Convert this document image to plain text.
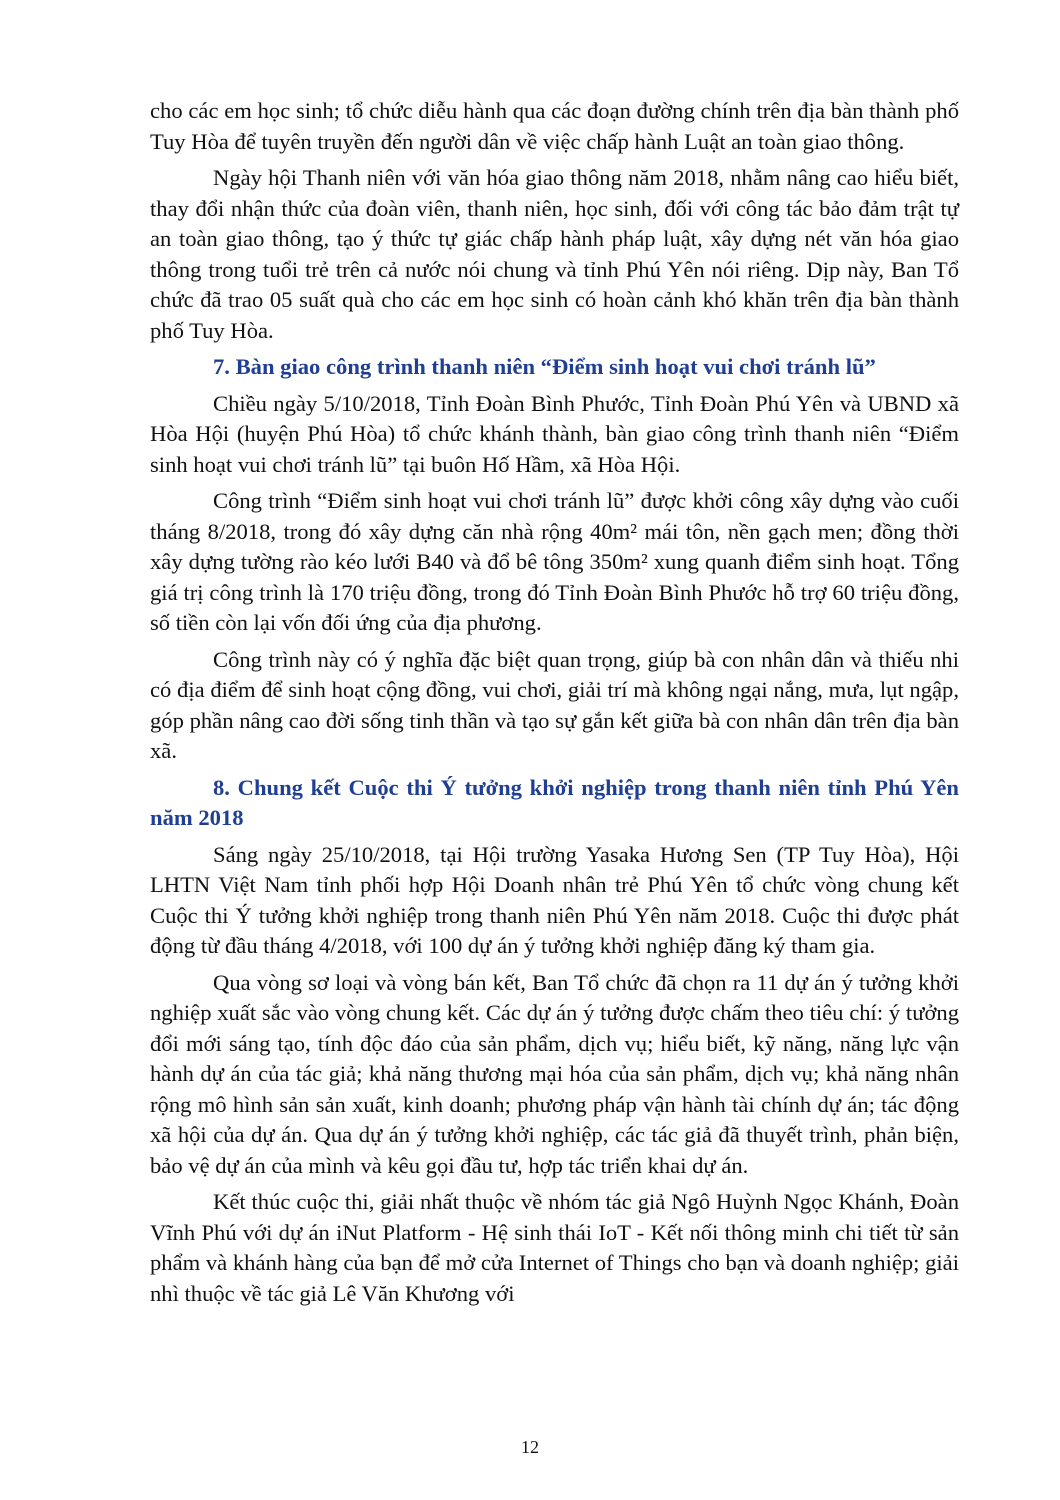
cho các em học sinh; tổ chức diễu hành qua các đoạn đường chính trên địa bàn thành phố Tuy Hòa để tuyên truyền đến người dân về việc chấp hành Luật an toàn giao thông.

Ngày hội Thanh niên với văn hóa giao thông năm 2018, nhằm nâng cao hiểu biết, thay đổi nhận thức của đoàn viên, thanh niên, học sinh, đối với công tác bảo đảm trật tự an toàn giao thông, tạo ý thức tự giác chấp hành pháp luật, xây dựng nét văn hóa giao thông trong tuổi trẻ trên cả nước nói chung và tỉnh Phú Yên nói riêng. Dịp này, Ban Tổ chức đã trao 05 suất quà cho các em học sinh có hoàn cảnh khó khăn trên địa bàn thành phố Tuy Hòa.

7. Bàn giao công trình thanh niên “Điểm sinh hoạt vui chơi tránh lũ”

Chiều ngày 5/10/2018, Tỉnh Đoàn Bình Phước, Tỉnh Đoàn Phú Yên và UBND xã Hòa Hội (huyện Phú Hòa) tổ chức khánh thành, bàn giao công trình thanh niên “Điểm sinh hoạt vui chơi tránh lũ” tại buôn Hố Hầm, xã Hòa Hội.

Công trình “Điểm sinh hoạt vui chơi tránh lũ” được khởi công xây dựng vào cuối tháng 8/2018, trong đó xây dựng căn nhà rộng 40m² mái tôn, nền gạch men; đồng thời xây dựng tường rào kéo lưới B40 và đổ bê tông 350m² xung quanh điểm sinh hoạt. Tổng giá trị công trình là 170 triệu đồng, trong đó Tỉnh Đoàn Bình Phước hỗ trợ 60 triệu đồng, số tiền còn lại vốn đối ứng của địa phương.

Công trình này có ý nghĩa đặc biệt quan trọng, giúp bà con nhân dân và thiếu nhi có địa điểm để sinh hoạt cộng đồng, vui chơi, giải trí mà không ngại nắng, mưa, lụt ngập, góp phần nâng cao đời sống tinh thần và tạo sự gắn kết giữa bà con nhân dân trên địa bàn xã.

8. Chung kết Cuộc thi Ý tưởng khởi nghiệp trong thanh niên tỉnh Phú Yên năm 2018

Sáng ngày 25/10/2018, tại Hội trường Yasaka Hương Sen (TP Tuy Hòa), Hội LHTN Việt Nam tỉnh phối hợp Hội Doanh nhân trẻ Phú Yên tổ chức vòng chung kết Cuộc thi Ý tưởng khởi nghiệp trong thanh niên Phú Yên năm 2018. Cuộc thi được phát động từ đầu tháng 4/2018, với 100 dự án ý tưởng khởi nghiệp đăng ký tham gia.

Qua vòng sơ loại và vòng bán kết, Ban Tổ chức đã chọn ra 11 dự án ý tưởng khởi nghiệp xuất sắc vào vòng chung kết. Các dự án ý tưởng được chấm theo tiêu chí: ý tưởng đổi mới sáng tạo, tính độc đáo của sản phẩm, dịch vụ; hiểu biết, kỹ năng, năng lực vận hành dự án của tác giả; khả năng thương mại hóa của sản phẩm, dịch vụ; khả năng nhân rộng mô hình sản sản xuất, kinh doanh; phương pháp vận hành tài chính dự án; tác động xã hội của dự án. Qua dự án ý tưởng khởi nghiệp, các tác giả đã thuyết trình, phản biện, bảo vệ dự án của mình và kêu gọi đầu tư, hợp tác triển khai dự án.

Kết thúc cuộc thi, giải nhất thuộc về nhóm tác giả Ngô Huỳnh Ngọc Khánh, Đoàn Vĩnh Phú với dự án iNut Platform - Hệ sinh thái IoT - Kết nối thông minh chi tiết từ sản phẩm và khánh hàng của bạn để mở cửa Internet of Things cho bạn và doanh nghiệp; giải nhì thuộc về tác giả Lê Văn Khương với

12
